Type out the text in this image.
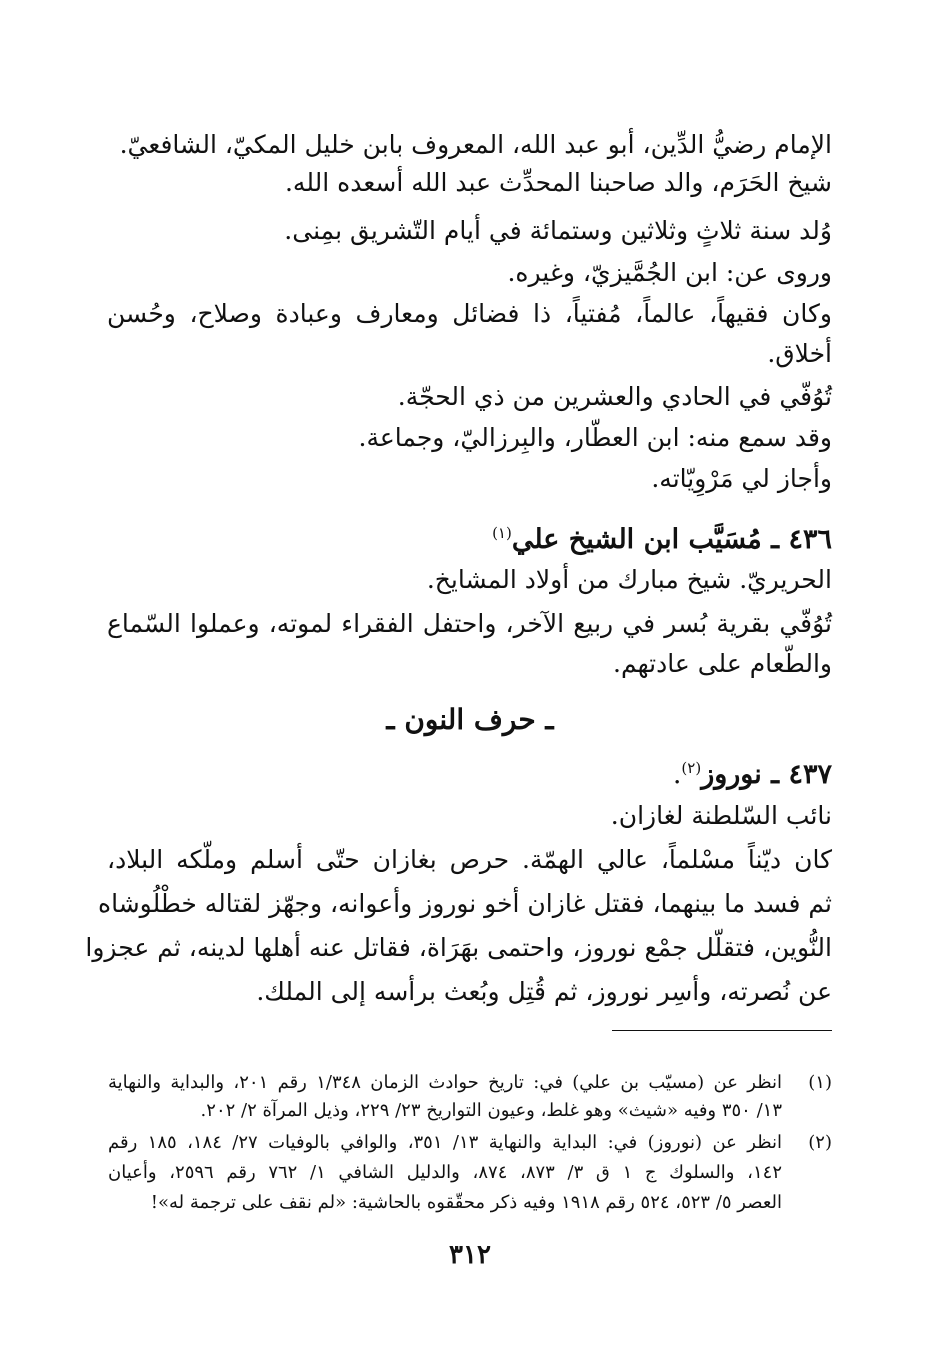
الإمام رضيُّ الدِّين، أبو عبد الله، المعروف بابن خليل المكيّ، الشافعيّ.
شيخ الحَرَم، والد صاحبنا المحدِّث عبد الله أسعده الله.
وُلد سنة ثلاثٍ وثلاثين وستمائة في أيام التّشريق بمِنى.
وروى عن: ابن الجُمَّيزيّ، وغيره.
وكان فقيهاً، عالماً، مُفتياً، ذا فضائل ومعارف وعبادة وصلاح، وحُسن
أخلاق.
تُوُفّي في الحادي والعشرين من ذي الحجّة.
وقد سمع منه: ابن العطّار، والبِرزاليّ، وجماعة.
وأجاز لي مَرْوِيّاته.
٤٣٦ ـ مُسَيَّب ابن الشيخ علي$^{(١)}$
الحريريّ. شيخ مبارك من أولاد المشايخ.
تُوُفّي بقرية بُسر في ربيع الآخر، واحتفل الفقراء لموته، وعملوا السّماع
والطّعام على عادتهم.
ـ حرف النون ـ
٤٣٧ ـ نوروز$^{(٢)}$.
نائب السّلطنة لغازان.
كان ديّناً مسْلماً، عالي الهمّة. حرص بغازان حتّى أسلم وملّكه البلاد،
ثم فسد ما بينهما، فقتل غازان أخو نوروز وأعوانه، وجهّز لقتاله خطْلُوشاه
النُّوين، فتقلّل جمْع نوروز، واحتمى بهَرَاة، فقاتل عنه أهلها لدينه، ثم عجزوا
عن نُصرته، وأسِر نوروز، ثم قُتِل وبُعث برأسه إلى الملك.
(١)
انظر عن (مسيّب بن علي) في: تاريخ حوادث الزمان ١/٣٤٨ رقم ٢٠١، والبداية والنهاية
١٣/ ٣٥٠ وفيه «شيث» وهو غلط، وعيون التواريخ ٢٣/ ٢٢٩، وذيل المرآة ٢/ ٢٠٢.
(٢)
انظر عن (نوروز) في: البداية والنهاية ١٣/ ٣٥١، والوافي بالوفيات ٢٧/ ١٨٤، ١٨٥ رقم
١٤٢، والسلوك ج ١ ق ٣/ ٨٧٣، ٨٧٤، والدليل الشافي ١/ ٧٦٢ رقم ٢٥٩٦، وأعيان
العصر ٥/ ٥٢٣، ٥٢٤ رقم ١٩١٨ وفيه ذكر محقّقوه بالحاشية: «لم نقف على ترجمة له»!
٣١٢
